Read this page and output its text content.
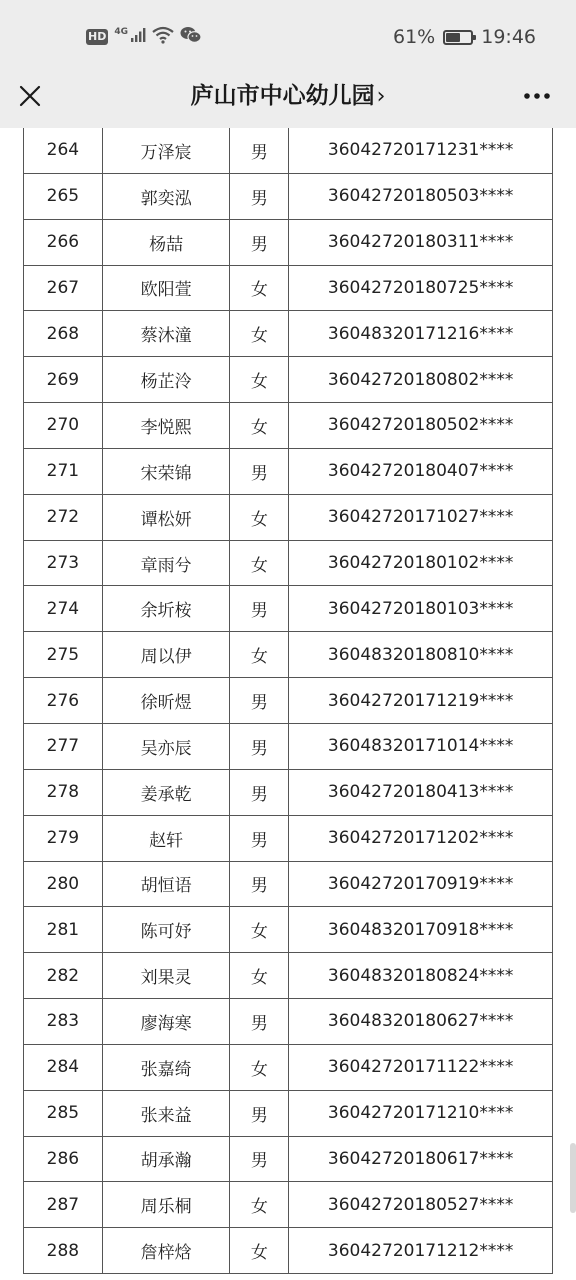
HD 4G	61% 19:46
庐山市中心幼儿园›
264	万泽宸	男	36042720171231****
265	郭奕泓	男	36042720180503****
266	杨喆	男	36042720180311****
267	欧阳萱	女	36042720180725****
268	蔡沐潼	女	36048320171216****
269	杨芷泠	女	36042720180802****
270	李悦熙	女	36042720180502****
271	宋荣锦	男	36042720180407****
272	谭松妍	女	36042720171027****
273	章雨兮	女	36042720180102****
274	余圻桉	男	36042720180103****
275	周以伊	女	36048320180810****
276	徐昕煜	男	36042720171219****
277	吴亦辰	男	36048320171014****
278	姜承乾	男	36042720180413****
279	赵轩	男	36042720171202****
280	胡恒语	男	36042720170919****
281	陈可妤	女	36048320170918****
282	刘果灵	女	36048320180824****
283	廖海寒	男	36048320180627****
284	张嘉绮	女	36042720171122****
285	张来益	男	36042720171210****
286	胡承瀚	男	36042720180617****
287	周乐桐	女	36042720180527****
288	詹梓焓	女	36042720171212****
